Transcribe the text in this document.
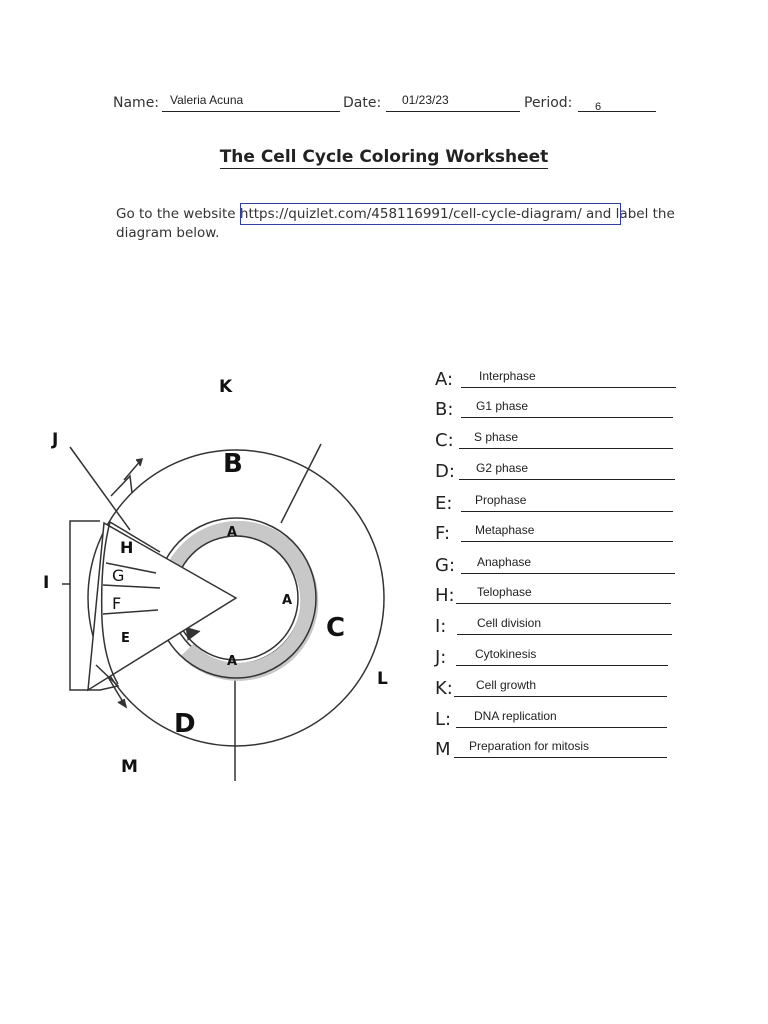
Name: Valeria Acuna	Date: 01/23/23	Period: 6
The Cell Cycle Coloring Worksheet
Go to the website https://quizlet.com/458116991/cell-cycle-diagram/ and label the diagram below.
B
C
D
E
F
G
H
A
A
A
I
J
K
L
M
A: Interphase
B: G1 phase
C: S phase
D: G2 phase
E: Prophase
F: Metaphase
G: Anaphase
H: Telophase
I:	Cell division
J: Cytokinesis
K: Cell growth
L: DNA replication
M Preparation for mitosis
